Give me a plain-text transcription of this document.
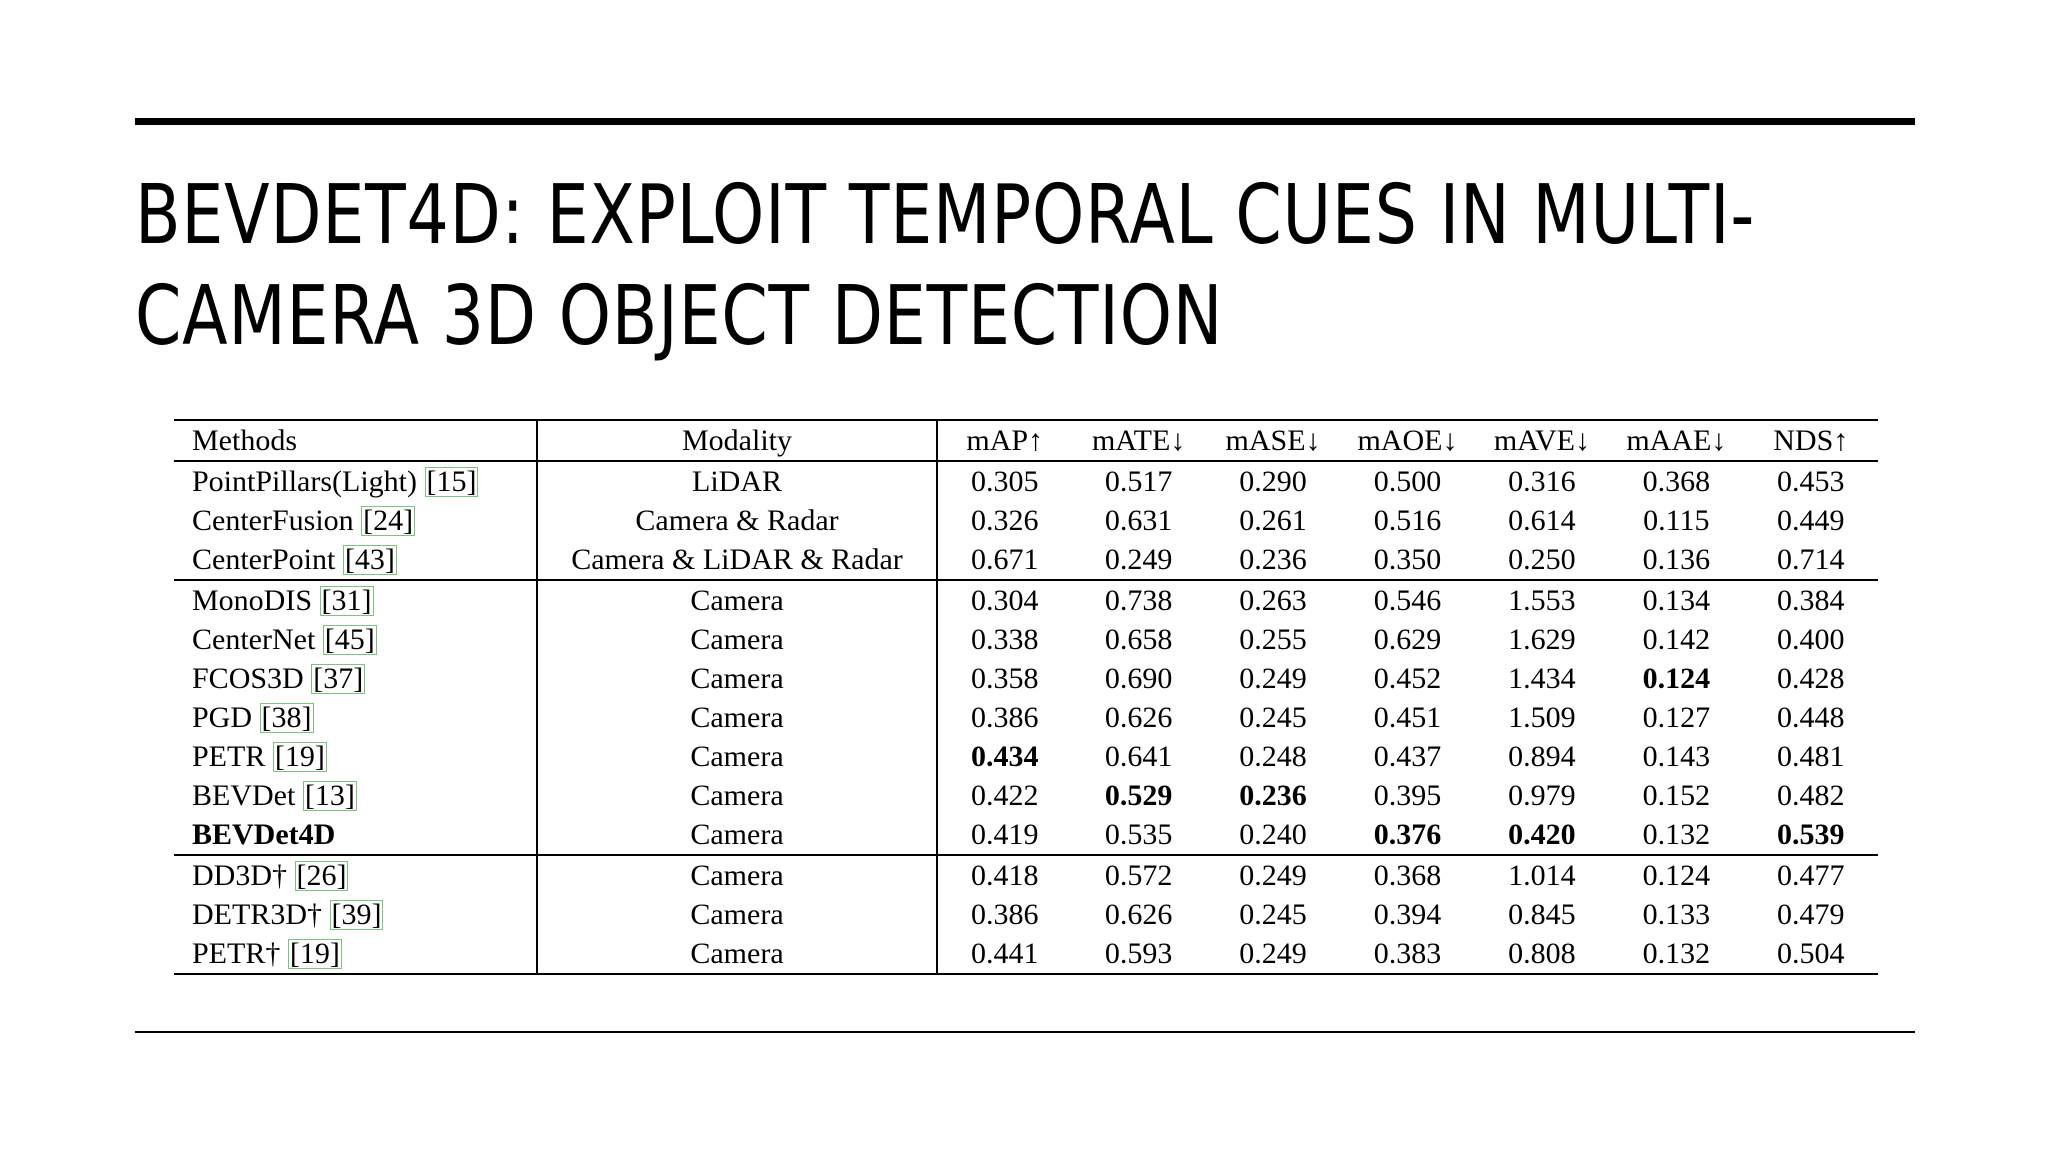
BEVDET4D: EXPLOIT TEMPORAL CUES IN MULTI-
CAMERA 3D OBJECT DETECTION
Methods	Modality	mAP↑	mATE↓	mASE↓	mAOE↓	mAVE↓	mAAE↓	NDS↑
PointPillars(Light) [15]	LiDAR	0.305	0.517	0.290	0.500	0.316	0.368	0.453
CenterFusion [24]	Camera & Radar	0.326	0.631	0.261	0.516	0.614	0.115	0.449
CenterPoint [43]	Camera & LiDAR & Radar	0.671	0.249	0.236	0.350	0.250	0.136	0.714
MonoDIS [31]	Camera	0.304	0.738	0.263	0.546	1.553	0.134	0.384
CenterNet [45]	Camera	0.338	0.658	0.255	0.629	1.629	0.142	0.400
FCOS3D [37]	Camera	0.358	0.690	0.249	0.452	1.434	0.124	0.428
PGD [38]	Camera	0.386	0.626	0.245	0.451	1.509	0.127	0.448
PETR [19]	Camera	0.434	0.641	0.248	0.437	0.894	0.143	0.481
BEVDet [13]	Camera	0.422	0.529	0.236	0.395	0.979	0.152	0.482
BEVDet4D	Camera	0.419	0.535	0.240	0.376	0.420	0.132	0.539
DD3D† [26]	Camera	0.418	0.572	0.249	0.368	1.014	0.124	0.477
DETR3D† [39]	Camera	0.386	0.626	0.245	0.394	0.845	0.133	0.479
PETR† [19]	Camera	0.441	0.593	0.249	0.383	0.808	0.132	0.504
